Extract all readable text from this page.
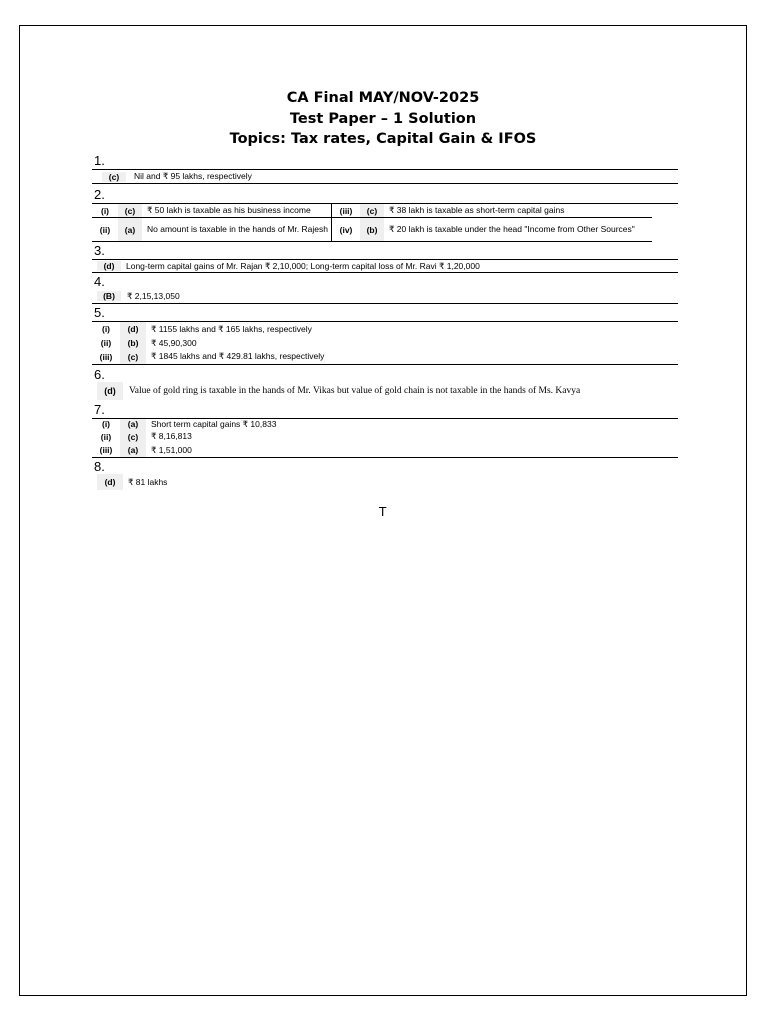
CA Final MAY/NOV-2025

Test Paper – 1 Solution

Topics: Tax rates, Capital Gain & IFOS

1.
(c)	Nil and ₹ 95 lakhs, respectively
2.
(i)	(c)	₹ 50 lakh is taxable as his business income	(iii)	(c)	₹ 38 lakh is taxable as short-term capital gains
(ii)	(a)	No amount is taxable in the hands of Mr. Rajesh	(iv)	(b)	₹ 20 lakh is taxable under the head "Income from Other Sources"
3.
(d)	Long-term capital gains of Mr. Rajan ₹ 2,10,000; Long-term capital loss of Mr. Ravi ₹ 1,20,000
4.
(B)	₹ 2,15,13,050
5.
(i)	(d)	₹ 1155 lakhs and ₹ 165 lakhs, respectively
(ii)	(b)	₹ 45,90,300
(iii)	(c)	₹ 1845 lakhs and ₹ 429.81 lakhs, respectively
6.
(d)	Value of gold ring is taxable in the hands of Mr. Vikas but value of gold chain is not taxable in the hands of Ms. Kavya
7.
(i)	(a)	Short term capital gains ₹ 10,833
(ii)	(c)	₹ 8,16,813
(iii)	(a)	₹ 1,51,000
8.
(d)	₹ 81 lakhs
T
